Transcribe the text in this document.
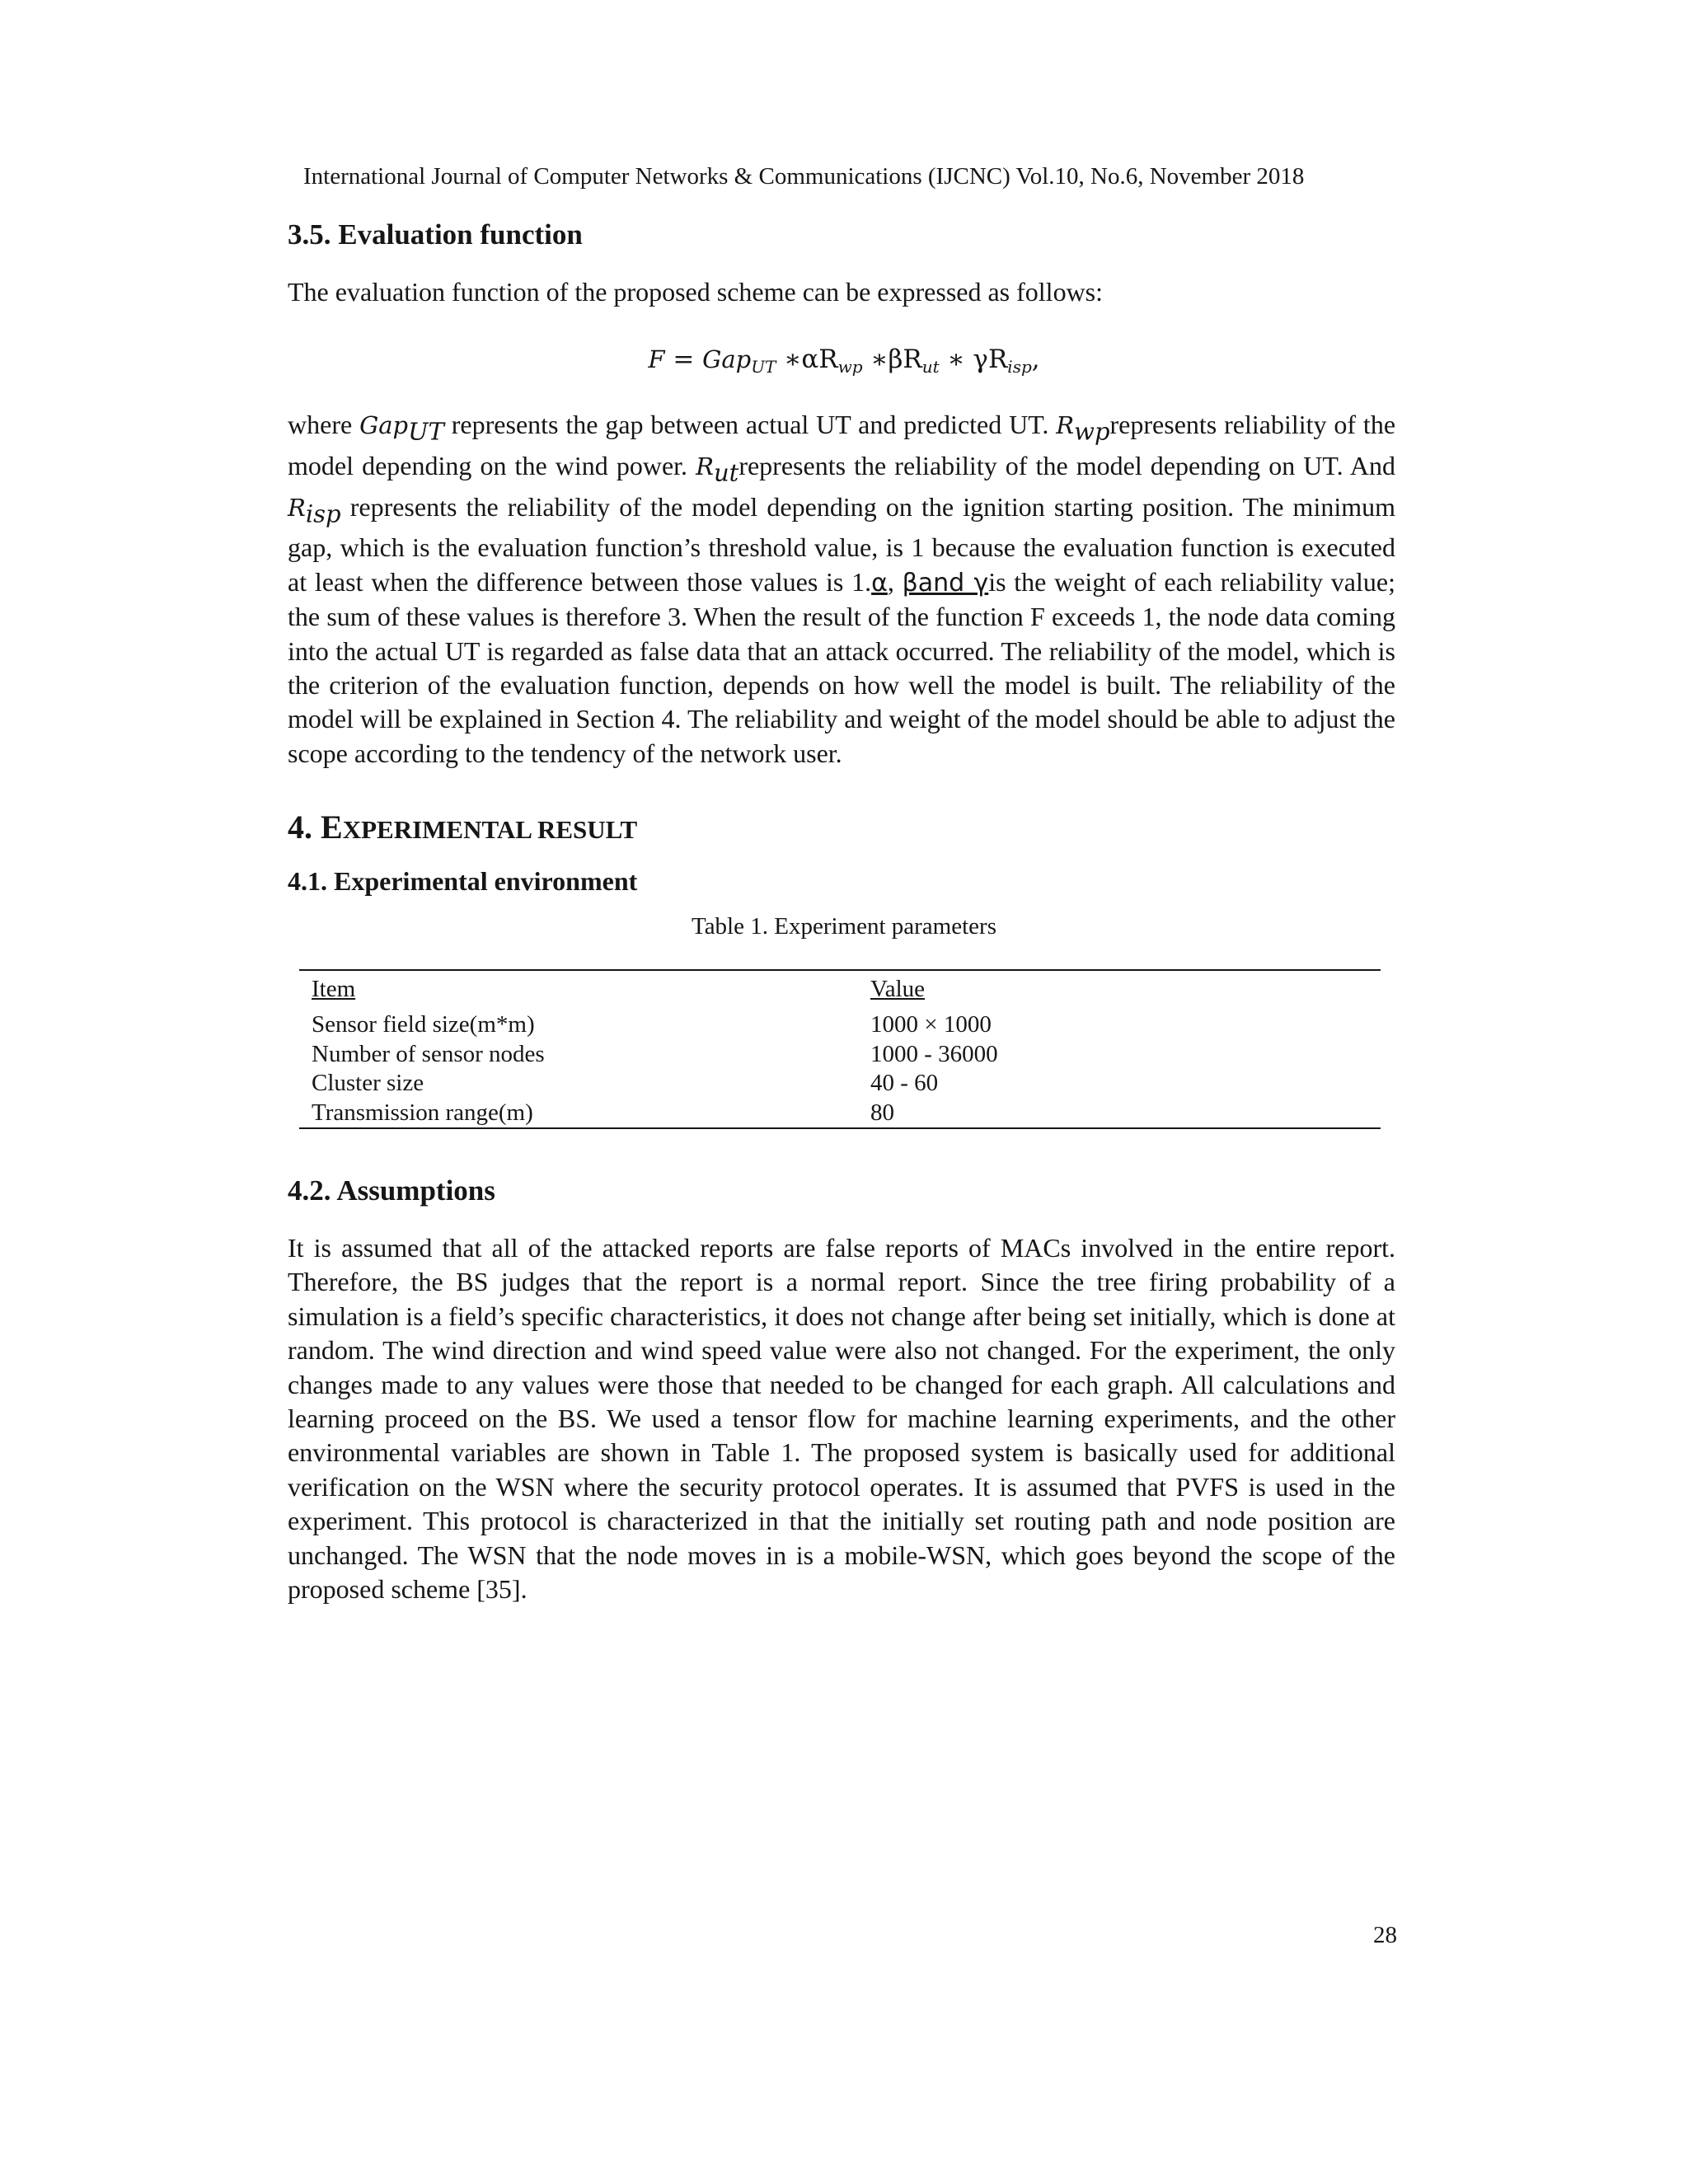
International Journal of Computer Networks & Communications (IJCNC) Vol.10, No.6, November 2018
3.5. Evaluation function
The evaluation function of the proposed scheme can be expressed as follows:
F = Gap$_{UT}$ $∗\alpha R_{wp}$ $∗\beta R_{ut}$ ∗ $\gamma R_{isp}$,
where Gap$_{UT}$ represents the gap between actual UT and predicted UT. $R_{wp}represents$ reliability of the model depending on the wind power. $R_{ut}represents$ the reliability of the model depending on UT. And $R_{isp}$ represents the reliability of the model depending on the ignition starting position. The minimum gap, which is the evaluation function’s threshold value, is 1 because the evaluation function is executed at least when the difference between those values is 1.α, βand γis the weight of each reliability value; the sum of these values is therefore 3. When the result of the function F exceeds 1, the node data coming into the actual UT is regarded as false data that an attack occurred. The reliability of the model, which is the criterion of the evaluation function, depends on how well the model is built. The reliability of the model will be explained in Section 4. The reliability and weight of the model should be able to adjust the scope according to the tendency of the network user.
4. EXPERIMENTAL RESULT
4.1. Experimental environment
Table 1. Experiment parameters
Item	Value
Sensor field size(m*m)	1000 × 1000
Number of sensor nodes	1000 - 36000
Cluster size	40 - 60
Transmission range(m)	80
4.2. Assumptions
It is assumed that all of the attacked reports are false reports of MACs involved in the entire report. Therefore, the BS judges that the report is a normal report. Since the tree firing probability of a simulation is a field’s specific characteristics, it does not change after being set initially, which is done at random. The wind direction and wind speed value were also not changed. For the experiment, the only changes made to any values were those that needed to be changed for each graph. All calculations and learning proceed on the BS. We used a tensor flow for machine learning experiments, and the other environmental variables are shown in Table 1. The proposed system is basically used for additional verification on the WSN where the security protocol operates. It is assumed that PVFS is used in the experiment. This protocol is characterized in that the initially set routing path and node position are unchanged. The WSN that the node moves in is a mobile-WSN, which goes beyond the scope of the proposed scheme [35].
28
